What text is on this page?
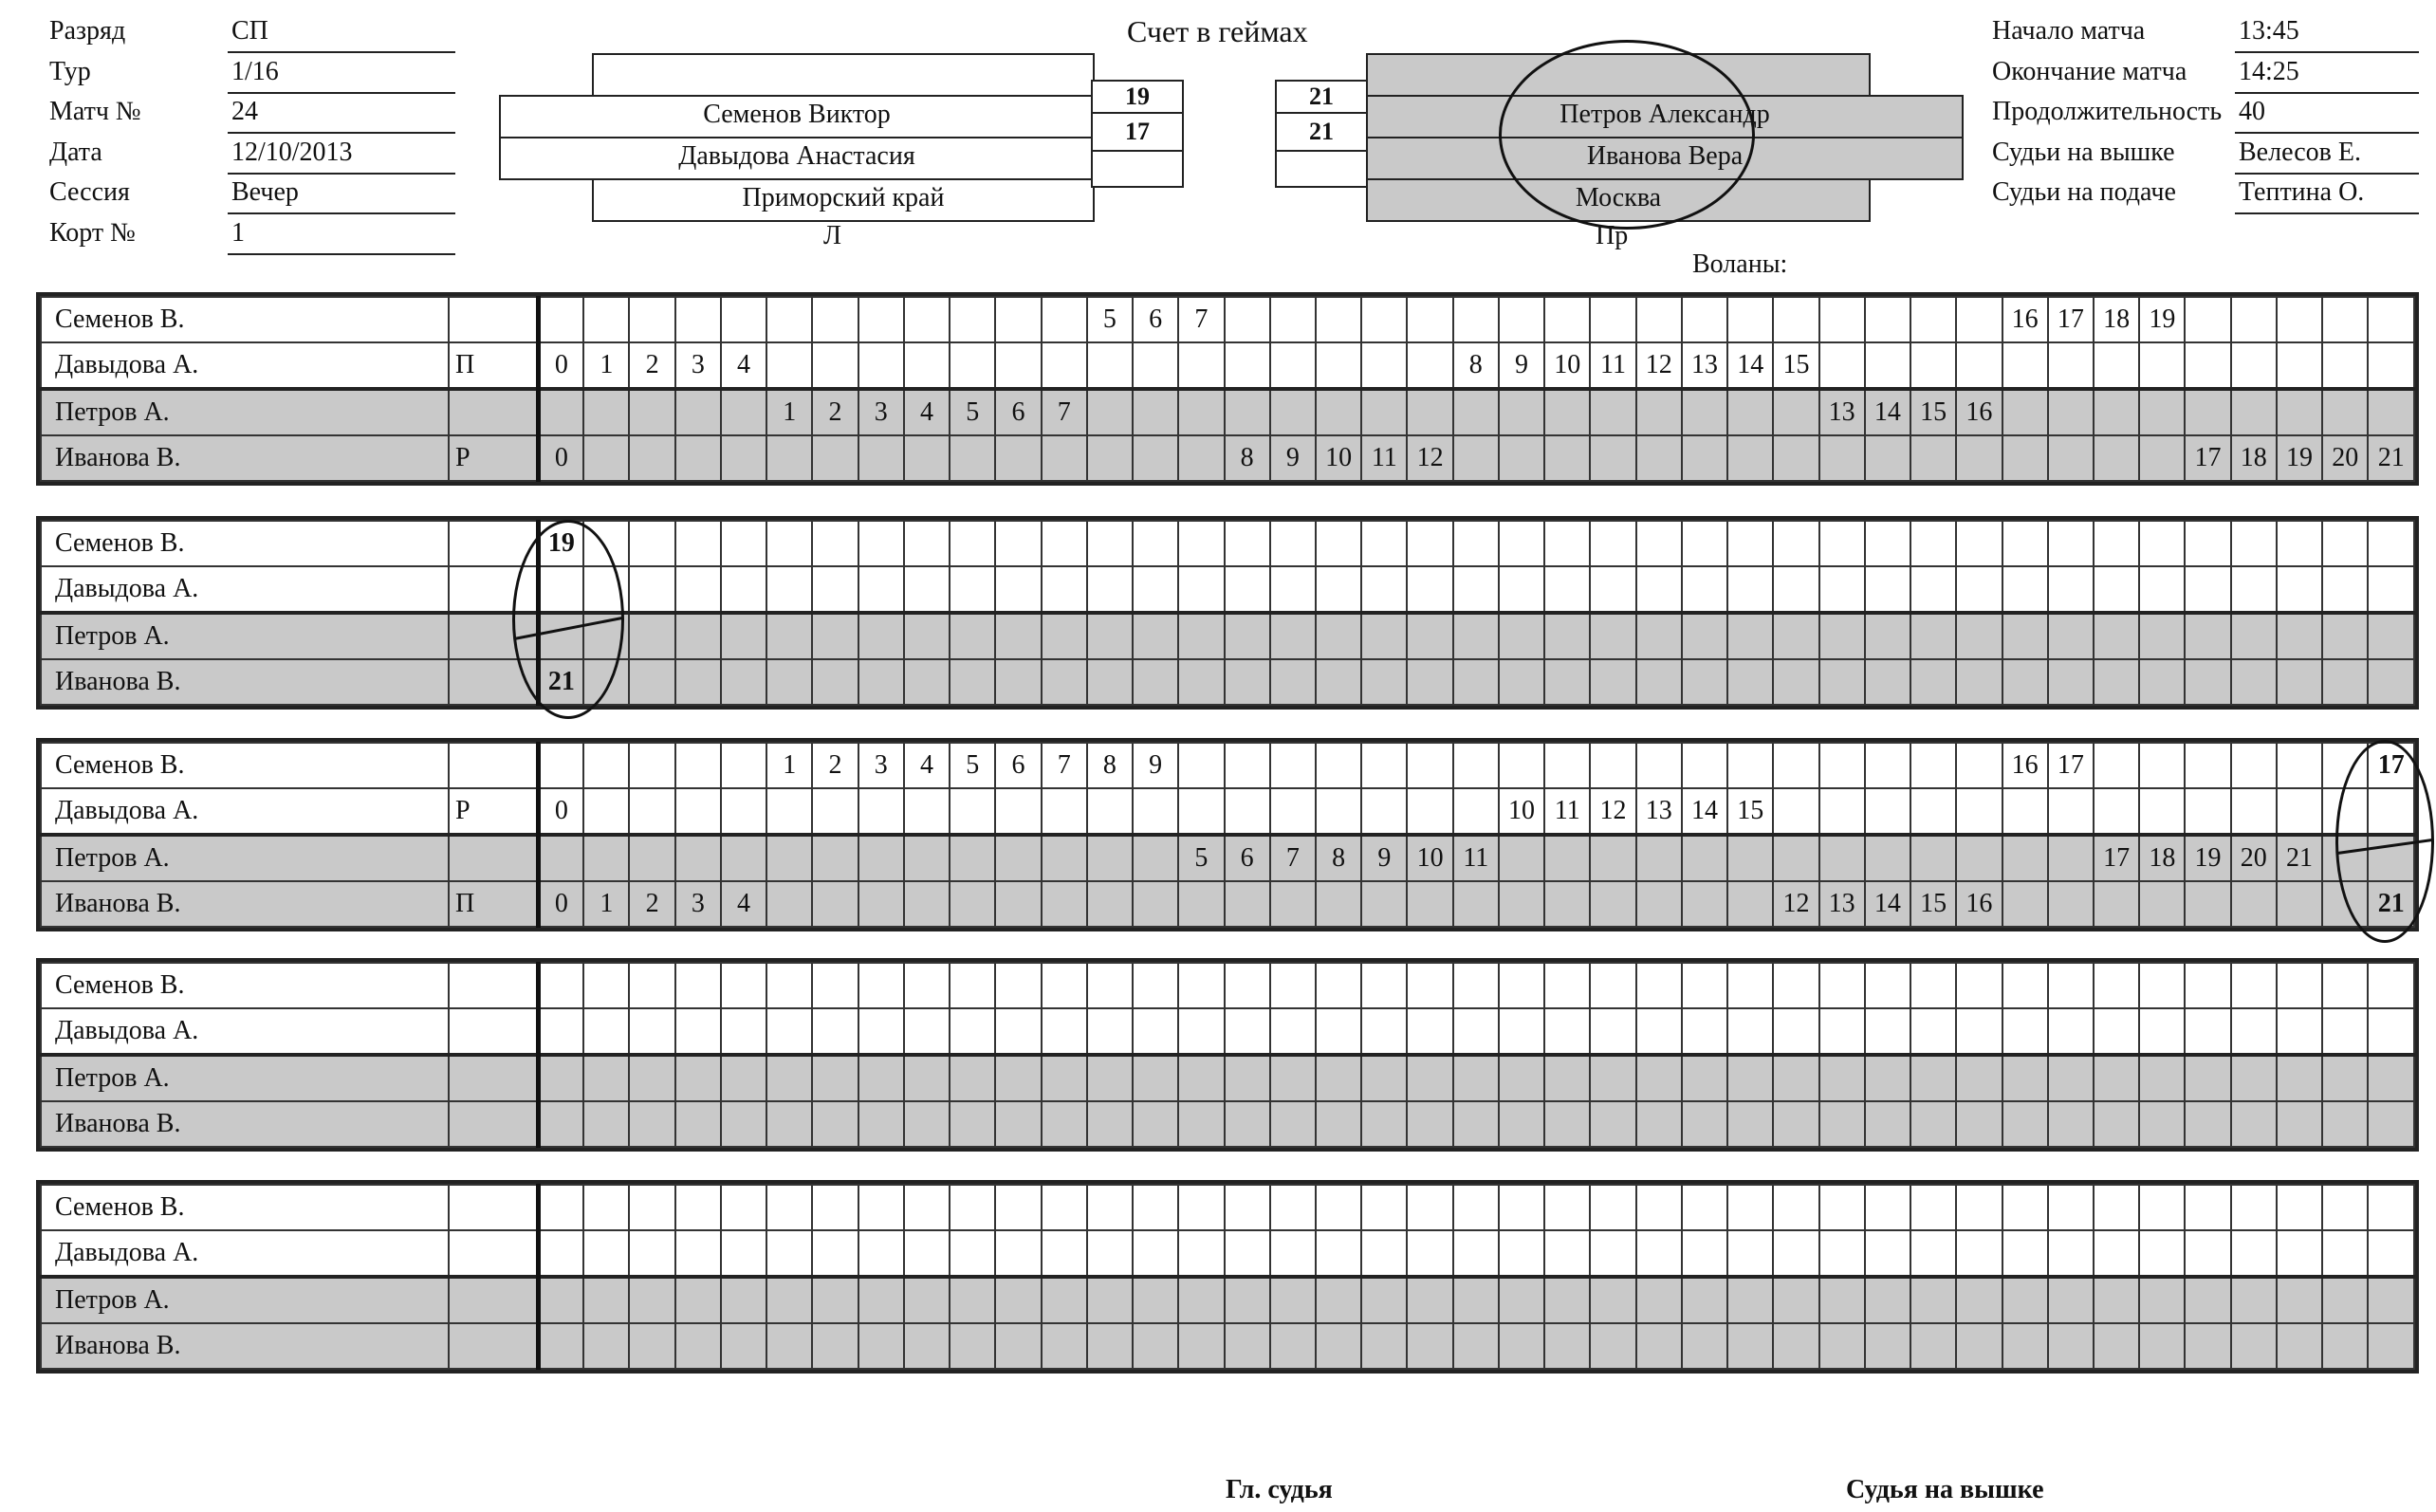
Разряд	СП
Тур	1/16
Матч №	24
Дата	12/10/2013
Сессия	Вечер
Корт №	1
Счет в геймах
Семенов Виктор
Давыдова Анастасия
Приморский край
Л
19
17
21
21
Петров Александр
Иванова Вера
Москва
Пр
Воланы:
Начало матча	13:45
Окончание матча 14:25
Продолжительность 40
Судьи на вышке Велесов Е.
Судьи на подаче Тептина О.
Семенов В.														5	6	7																		16	17	18	19					
Давыдова А.	П	0	1	2	3	4																8	9	10	11	12	13	14	15													
Петров А.							1	2	3	4	5	6	7																	13	14	15	16									
Иванова В.	Р	0															8	9	10	11	12																	17	18	19	20	21
Семенов В.		19																																								
Давыдова А.																																										
Петров А.																																										
Иванова В.		21																																								
Семенов В.							1	2	3	4	5	6	7	8	9																			16	17							17
Давыдова А.	Р	0																					10	11	12	13	14	15														
Петров А.																5	6	7	8	9	10	11														17	18	19	20	21		
Иванова В.	П	0	1	2	3	4																							12	13	14	15	16									21
Семенов В.																																										
Давыдова А.																																										
Петров А.																																										
Иванова В.																																										
Семенов В.																																										
Давыдова А.																																										
Петров А.																																										
Иванова В.																																										
Гл. судья	Судья на вышке
